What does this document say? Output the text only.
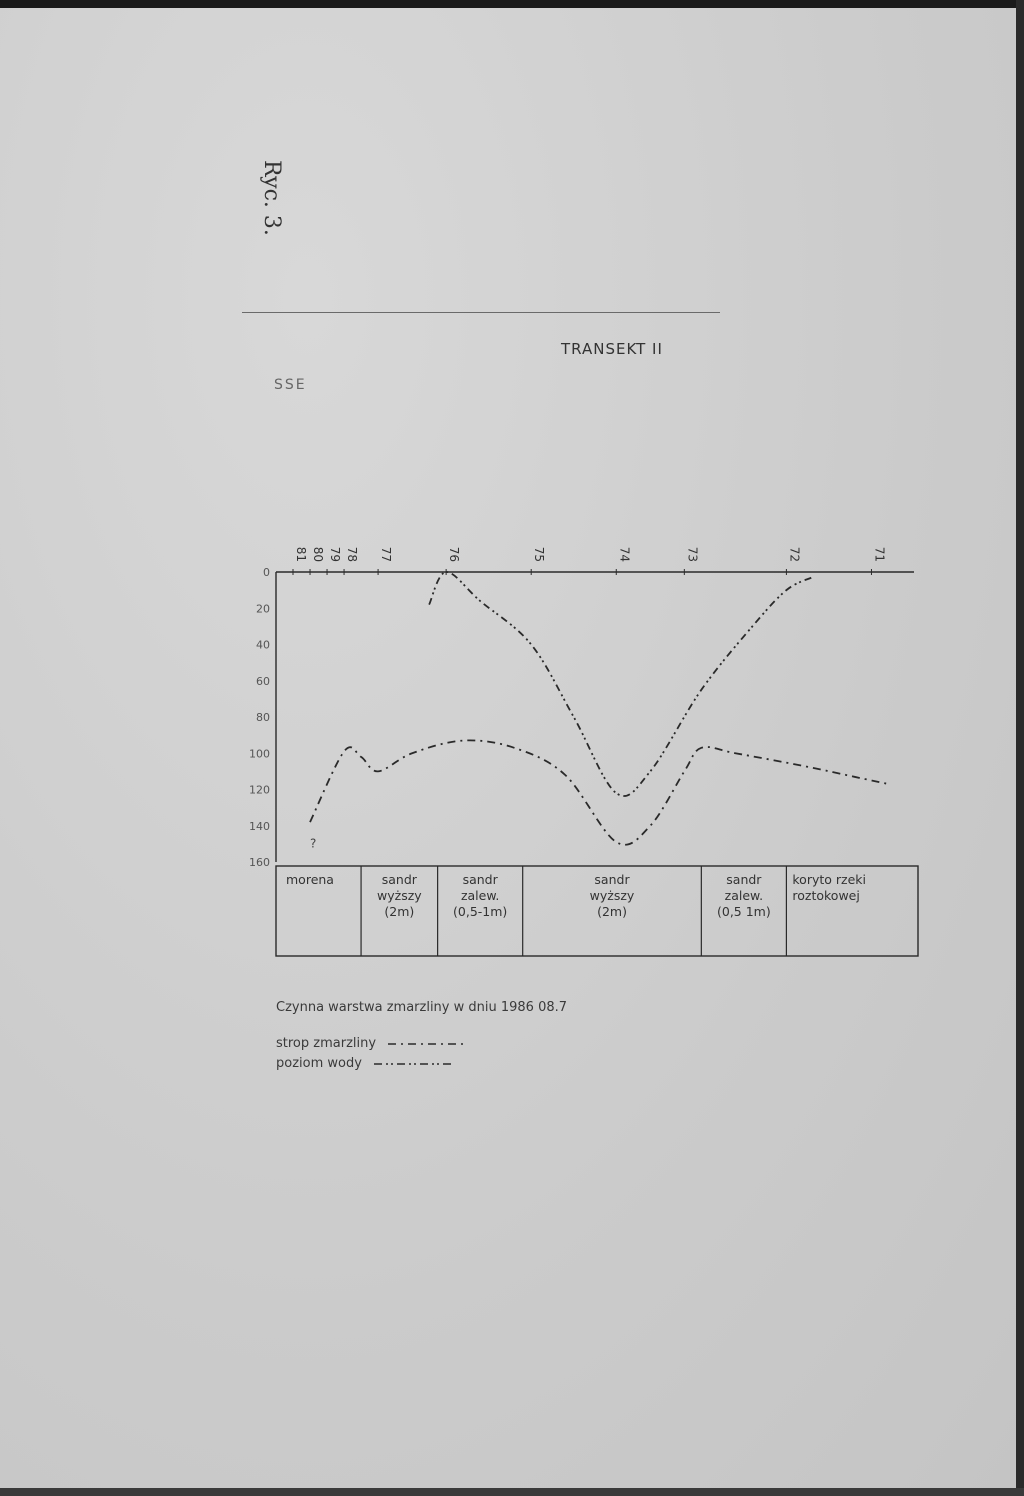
Ryc. 3.
TRANSEKT II
SSE
0
20
40
60
80
100
120
140
160
81 80 79 78 77	76	75	74	73	72	71
?
morena	sandr
wyższy
(2m)
sandr
zalew.
(0,5-1m)
sandr
wyższy
(2m)
sandr
zalew.
(0,5 1m)
koryto rzeki
roztokowej
Czynna warstwa zmarzliny w dniu 1986 08.7
strop zmarzliny
poziom wody
